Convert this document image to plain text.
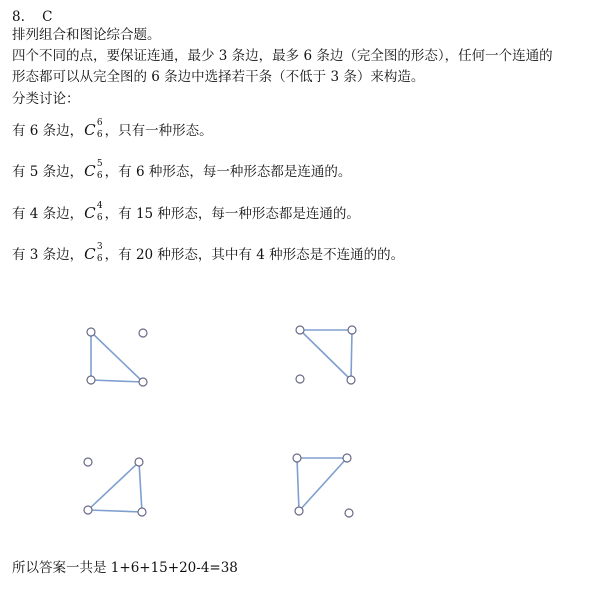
8. C
排列组合和图论综合题。
四个不同的点，要保证连通，最少 3 条边，最多 6 条边（完全图的形态），任何一个连通的
形态都可以从完全图的 6 条边中选择若干条（不低于 3 条）来构造。
分类讨论：
有 6 条边，C 6
6 ，只有一种形态。
有 5 条边，C 5
6 ，有 6 种形态，每一种形态都是连通的。
有 4 条边，C 4
6 ，有 15 种形态，每一种形态都是连通的。
有 3 条边，C 3
6 ，有 20 种形态，其中有 4 种形态是不连通的的。
所以答案一共是 1+6+15+20-4=38
